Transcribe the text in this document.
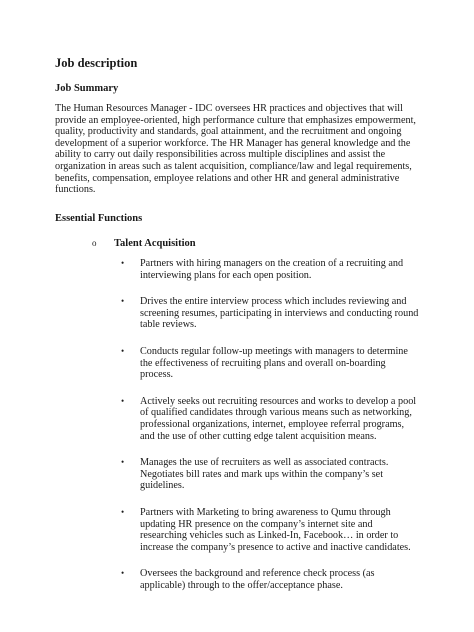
Job description
Job Summary

The Human Resources Manager - IDC oversees HR practices and objectives that will provide an employee-oriented, high performance culture that emphasizes empowerment, quality, productivity and standards, goal attainment, and the recruitment and ongoing development of a superior workforce. The HR Manager has general knowledge and the ability to carry out daily responsibilities across multiple disciplines and assist the organization in areas such as talent acquisition, compliance/law and legal requirements, benefits, compensation, employee relations and other HR and general administrative functions.

Essential Functions
o	Talent Acquisition
• Partners with hiring managers on the creation of a recruiting and interviewing plans for each open position.
• Drives the entire interview process which includes reviewing and screening resumes, participating in interviews and conducting round table reviews.
• Conducts regular follow-up meetings with managers to determine the effectiveness of recruiting plans and overall on-boarding process.
• Actively seeks out recruiting resources and works to develop a pool of qualified candidates through various means such as networking, professional organizations, internet, employee referral programs, and the use of other cutting edge talent acquisition means.
• Manages the use of recruiters as well as associated contracts. Negotiates bill rates and mark ups within the company’s set guidelines.
• Partners with Marketing to bring awareness to Qumu through updating HR presence on the company’s internet site and researching vehicles such as Linked-In, Facebook… in order to increase the company’s presence to active and inactive candidates.
• Oversees the background and reference check process (as applicable) through to the offer/acceptance phase.
